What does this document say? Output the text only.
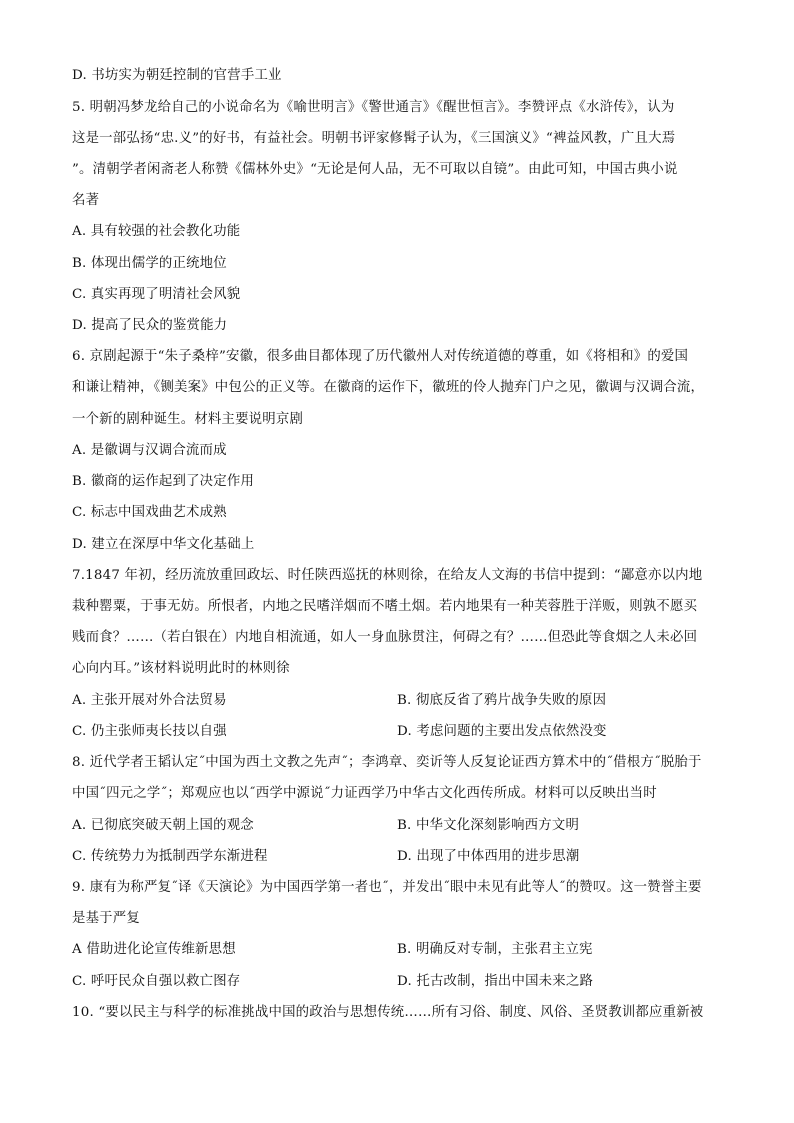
D. 书坊实为朝廷控制的官营手工业
5. 明朝冯梦龙给自己的小说命名为《喻世明言》《警世通言》《醒世恒言》。李赞评点《水浒传》，认为
这是一部弘扬“忠.义”的好书，有益社会。明朝书评家修髯子认为，《三国演义》“裨益风教，广且大焉
”。清朝学者闲斋老人称赞《儒林外史》“无论是何人品，无不可取以自镜”。由此可知，中国古典小说
名著
A. 具有较强的社会教化功能
B. 体现出儒学的正统地位
C. 真实再现了明清社会风貌
D. 提高了民众的鉴赏能力
6. 京剧起源于“朱子桑梓”安徽，很多曲目都体现了历代徽州人对传统道德的尊重，如《将相和》的爱国
和谦让精神，《铡美案》中包公的正义等。在徽商的运作下，徽班的伶人抛弃门户之见，徽调与汉调合流，
一个新的剧种诞生。材料主要说明京剧
A. 是徽调与汉调合流而成
B. 徽商的运作起到了决定作用
C. 标志中国戏曲艺术成熟
D. 建立在深厚中华文化基础上
7.1847 年初，经历流放重回政坛、时任陕西巡抚的林则徐，在给友人文海的书信中提到：“鄙意亦以内地
栽种罂粟，于事无妨。所恨者，内地之民嗜洋烟而不嗜土烟。若内地果有一种芙蓉胜于洋贩，则孰不愿买
贱而食？……（若白银在）内地自相流通，如人一身血脉贯注，何碍之有？……但恐此等食烟之人未必回
心向内耳。”该材料说明此时的林则徐
A. 主张开展对外合法贸易	B. 彻底反省了鸦片战争失败的原因
C. 仍主张师夷长技以自强	D. 考虑问题的主要出发点依然没变
8. 近代学者王韬认定˝中国为西土文教之先声˝；李鸿章、奕䜣等人反复论证西方算术中的˝借根方˝脱胎于
中国˝四元之学˝；郑观应也以˝西学中源说˝力证西学乃中华古文化西传所成。材料可以反映出当时
A. 已彻底突破天朝上国的观念	B. 中华文化深刻影响西方文明
C. 传统势力为抵制西学东渐进程	D. 出现了中体西用的进步思潮
9. 康有为称严复˝译《天演论》为中国西学第一者也˝，并发出˝眼中未见有此等人˝的赞叹。这一赞誉主要
是基于严复
A 借助进化论宣传维新思想	B. 明确反对专制，主张君主立宪
C. 呼吁民众自强以救亡图存	D. 托古改制，指出中国未来之路
10. “要以民主与科学的标准挑战中国的政治与思想传统……所有习俗、制度、风俗、圣贤教训都应重新被
